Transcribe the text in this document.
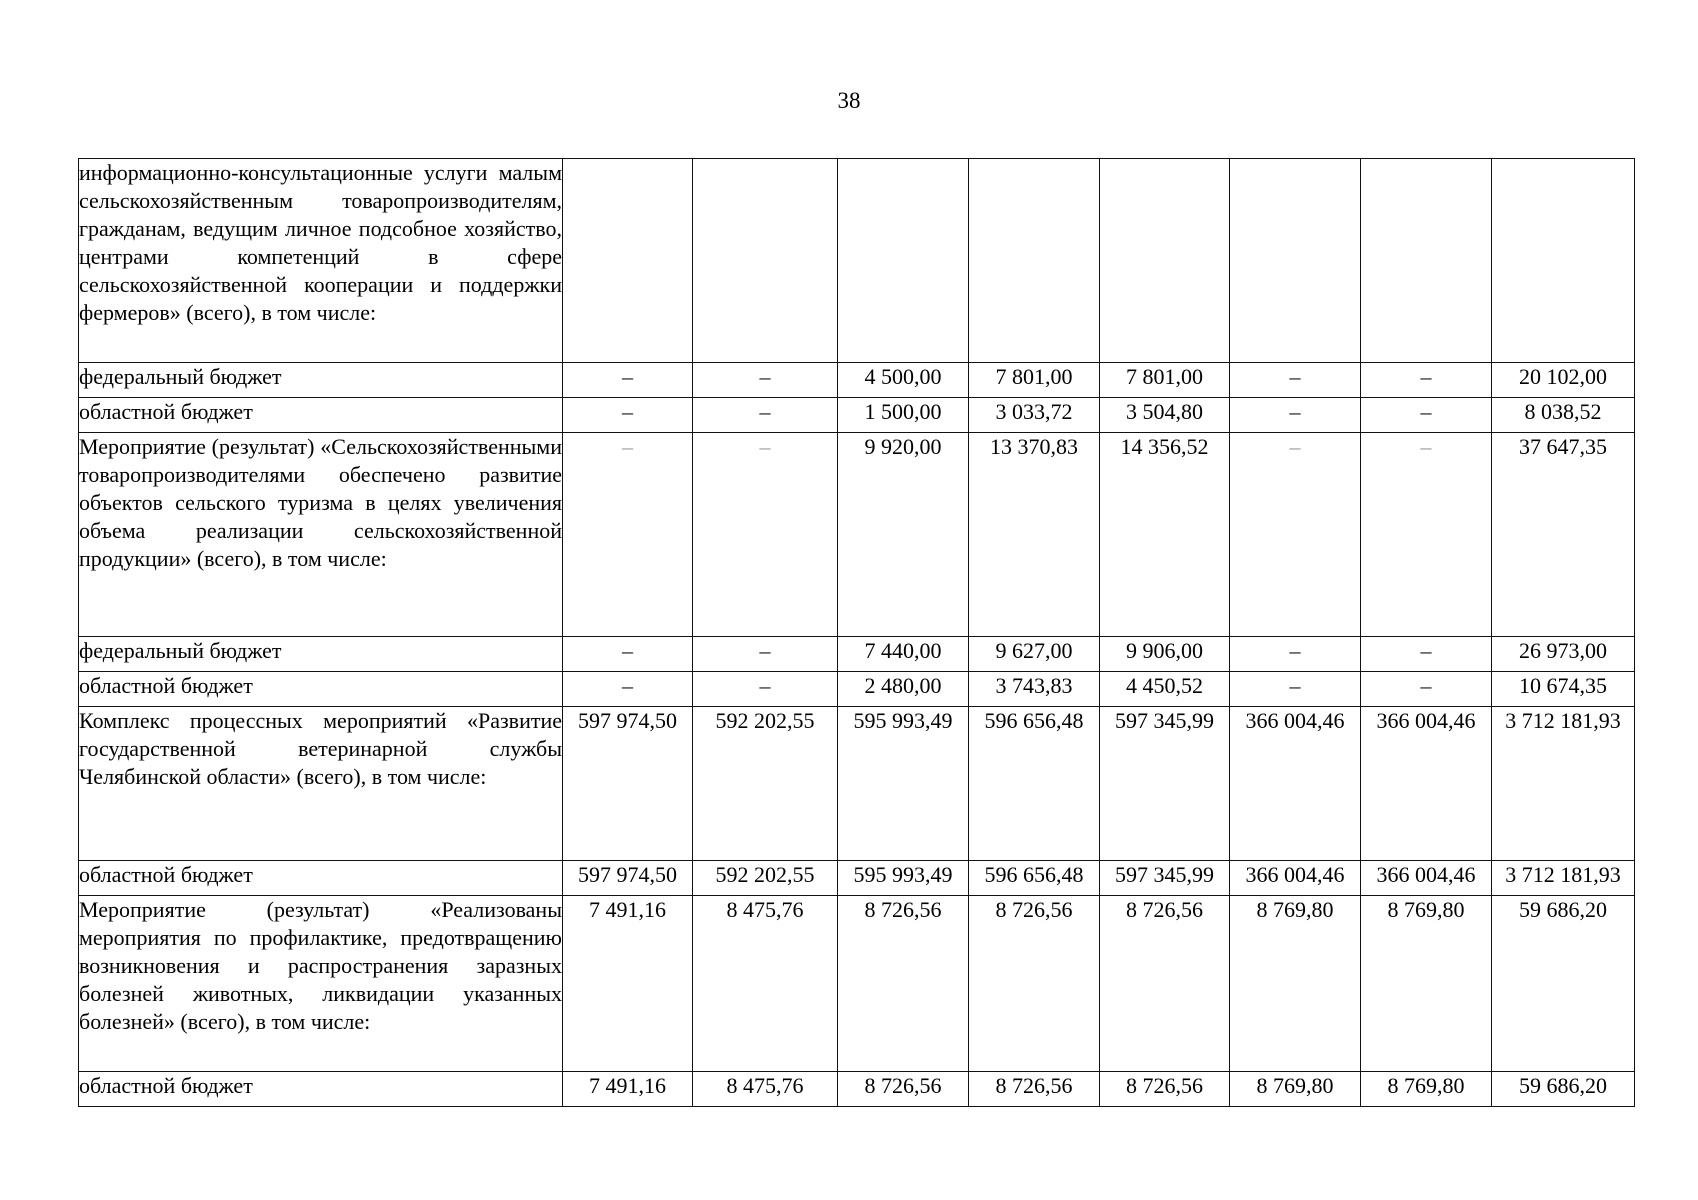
38
информационно-консультационные услуги малым сельскохозяйственным товаропроизводителям, гражданам, ведущим личное подсобное хозяйство, центрами компетенций в сфере сельскохозяйственной кооперации и поддержки фермеров» (всего), в том числе:								
федеральный бюджет	–	–	4 500,00	7 801,00	7 801,00	–	–	20 102,00
областной бюджет	–	–	1 500,00	3 033,72	3 504,80	–	–	8 038,52
Мероприятие (результат) «Сельскохозяйственными товаропроизводителями обеспечено развитие объектов сельского туризма в целях увеличения объема реализации сельскохозяйственной продукции» (всего), в том числе:	–	–	9 920,00	13 370,83	14 356,52	–	–	37 647,35
федеральный бюджет	–	–	7 440,00	9 627,00	9 906,00	–	–	26 973,00
областной бюджет	–	–	2 480,00	3 743,83	4 450,52	–	–	10 674,35
Комплекс процессных мероприятий «Развитие государственной ветеринарной службы Челябинской области» (всего), в том числе:	597 974,50	592 202,55	595 993,49	596 656,48	597 345,99	366 004,46	366 004,46	3 712 181,93
областной бюджет	597 974,50	592 202,55	595 993,49	596 656,48	597 345,99	366 004,46	366 004,46	3 712 181,93
Мероприятие (результат) «Реализованы мероприятия по профилактике, предотвращению возникновения и распространения заразных болезней животных, ликвидации указанных болезней» (всего), в том числе:	7 491,16	8 475,76	8 726,56	8 726,56	8 726,56	8 769,80	8 769,80	59 686,20
областной бюджет	7 491,16	8 475,76	8 726,56	8 726,56	8 726,56	8 769,80	8 769,80	59 686,20
